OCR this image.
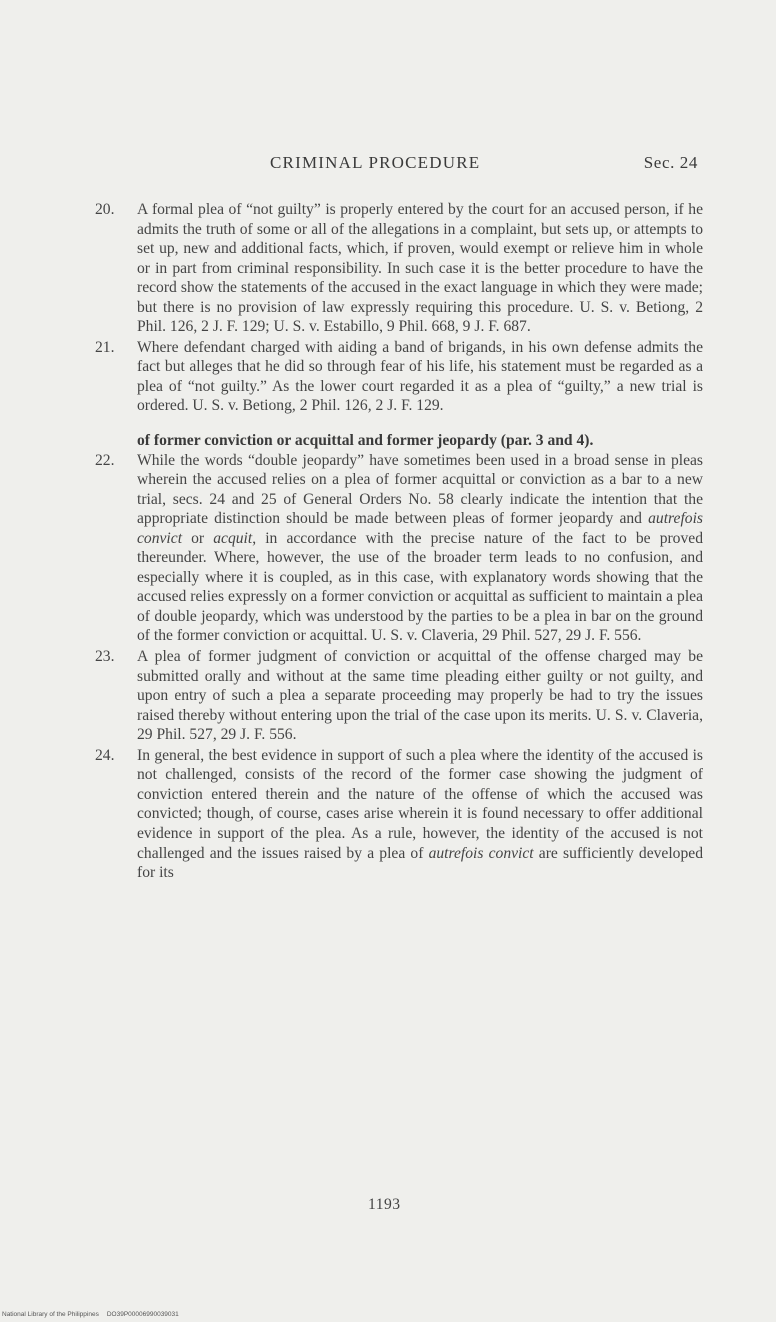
CRIMINAL PROCEDURE	Sec. 24

20.	A formal plea of “not guilty” is properly entered by the court for an accused person, if he admits the truth of some or all of the allegations in a complaint, but sets up, or attempts to set up, new and additional facts, which, if proven, would exempt or relieve him in whole or in part from criminal responsibility. In such case it is the better procedure to have the record show the statements of the accused in the exact language in which they were made; but there is no provision of law expressly requiring this procedure. U. S. v. Betiong, 2 Phil. 126, 2 J. F. 129; U. S. v. Estabillo, 9 Phil. 668, 9 J. F. 687.

21.	Where defendant charged with aiding a band of brigands, in his own defense admits the fact but alleges that he did so through fear of his life, his statement must be regarded as a plea of “not guilty.” As the lower court regarded it as a plea of “guilty,” a new trial is ordered. U. S. v. Betiong, 2 Phil. 126, 2 J. F. 129.

of former conviction or acquittal and former jeopardy (par. 3 and 4).

22.	While the words “double jeopardy” have sometimes been used in a broad sense in pleas wherein the accused relies on a plea of former acquittal or conviction as a bar to a new trial, secs. 24 and 25 of General Orders No. 58 clearly indicate the intention that the appropriate distinction should be made between pleas of former jeopardy and autrefois convict or acquit, in accordance with the precise nature of the fact to be proved thereunder. Where, however, the use of the broader term leads to no confusion, and especially where it is coupled, as in this case, with explanatory words showing that the accused relies expressly on a former conviction or acquittal as sufficient to maintain a plea of double jeopardy, which was understood by the parties to be a plea in bar on the ground of the former conviction or acquittal. U. S. v. Claveria, 29 Phil. 527, 29 J. F. 556.

23.	A plea of former judgment of conviction or acquittal of the offense charged may be submitted orally and without at the same time pleading either guilty or not guilty, and upon entry of such a plea a separate proceeding may properly be had to try the issues raised thereby without entering upon the trial of the case upon its merits. U. S. v. Claveria, 29 Phil. 527, 29 J. F. 556.

24.	In general, the best evidence in support of such a plea where the identity of the accused is not challenged, consists of the record of the former case showing the judgment of conviction entered therein and the nature of the offense of which the accused was convicted; though, of course, cases arise wherein it is found necessary to offer additional evidence in support of the plea. As a rule, however, the identity of the accused is not challenged and the issues raised by a plea of autrefois convict are sufficiently developed for its

1193
National Library of the Philippines DO39P00006990039031
